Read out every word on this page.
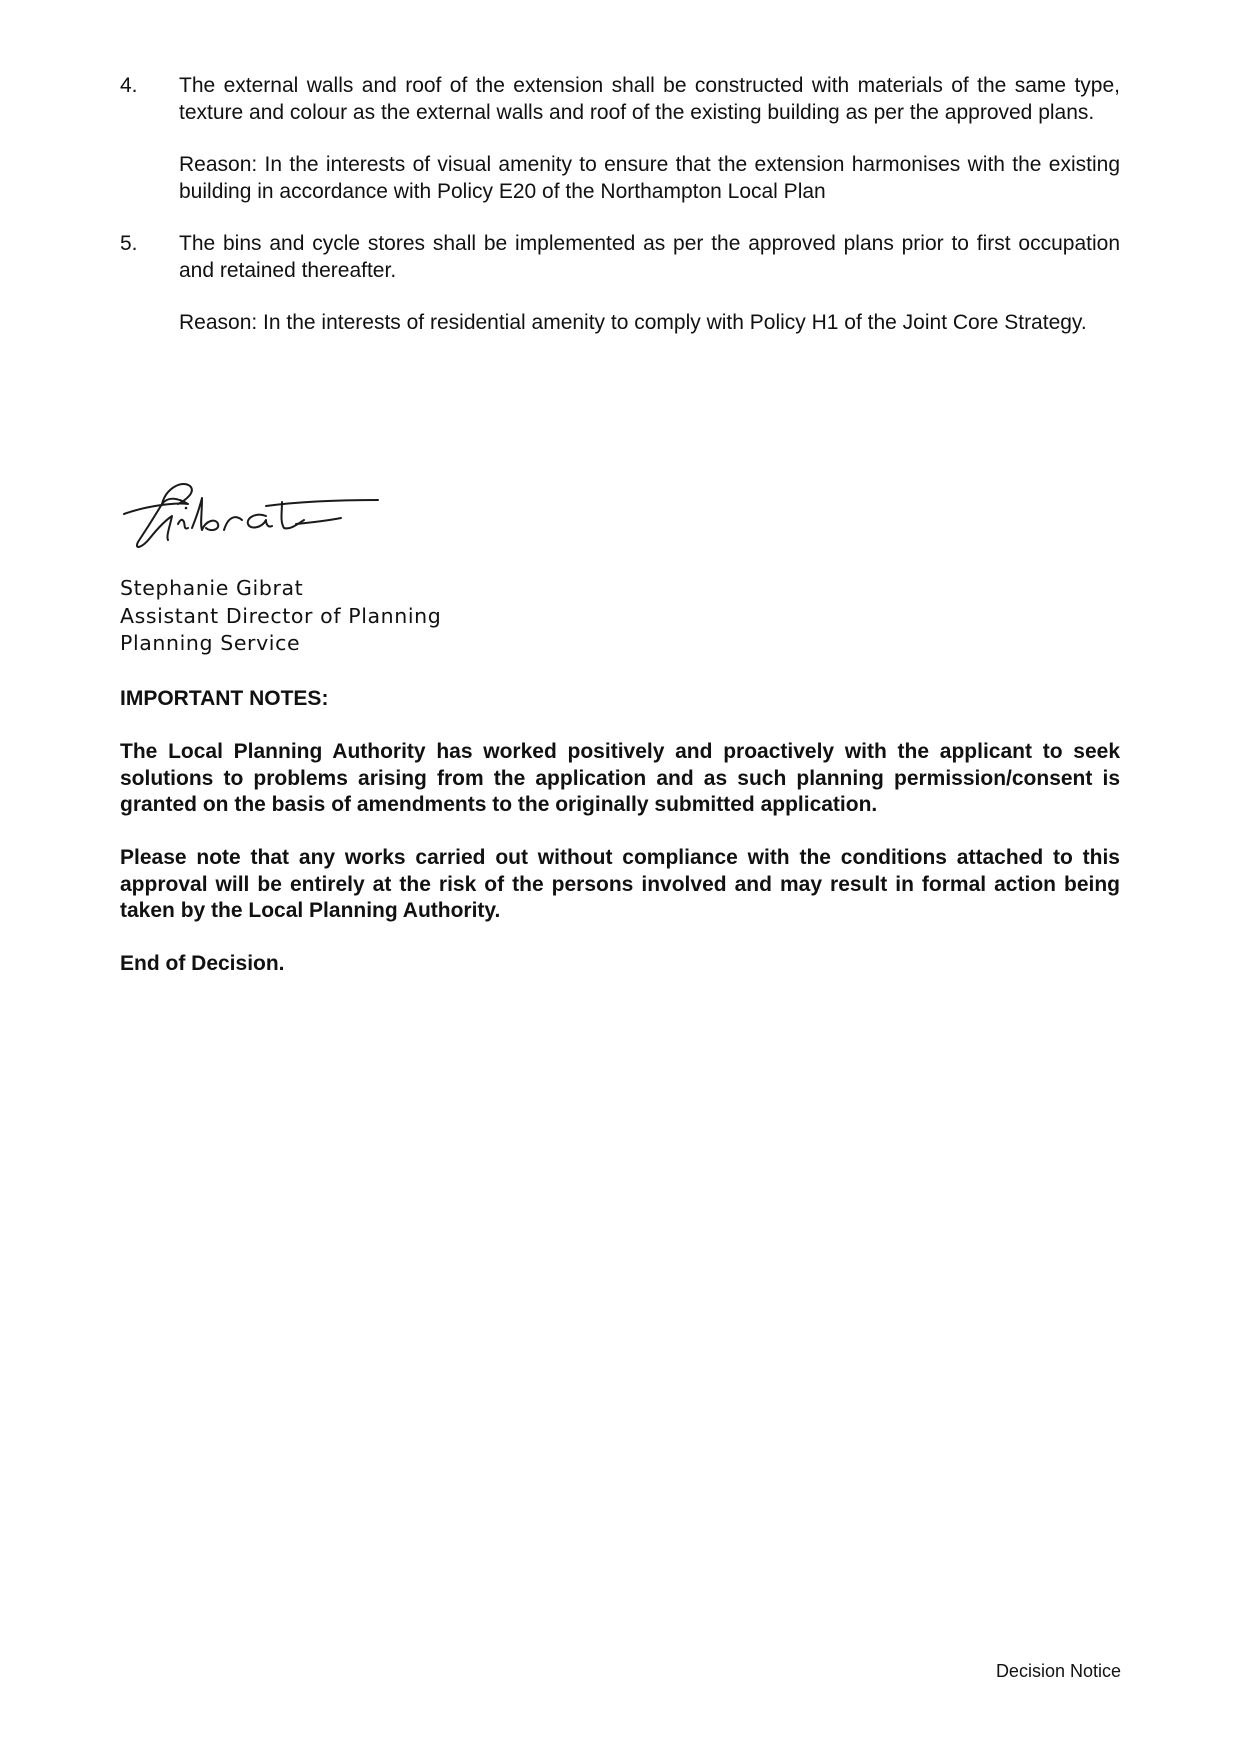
4. The external walls and roof of the extension shall be constructed with materials of the same type, texture and colour as the external walls and roof of the existing building as per the approved plans.

Reason: In the interests of visual amenity to ensure that the extension harmonises with the existing building in accordance with Policy E20 of the Northampton Local Plan

5. The bins and cycle stores shall be implemented as per the approved plans prior to first occupation and retained thereafter.

Reason: In the interests of residential amenity to comply with Policy H1 of the Joint Core Strategy.

Stephanie Gibrat
Assistant Director of Planning
Planning Service

IMPORTANT NOTES:

The Local Planning Authority has worked positively and proactively with the applicant to seek solutions to problems arising from the application and as such planning permission/consent is granted on the basis of amendments to the originally submitted application.

Please note that any works carried out without compliance with the conditions attached to this approval will be entirely at the risk of the persons involved and may result in formal action being taken by the Local Planning Authority.

End of Decision.

Decision Notice
